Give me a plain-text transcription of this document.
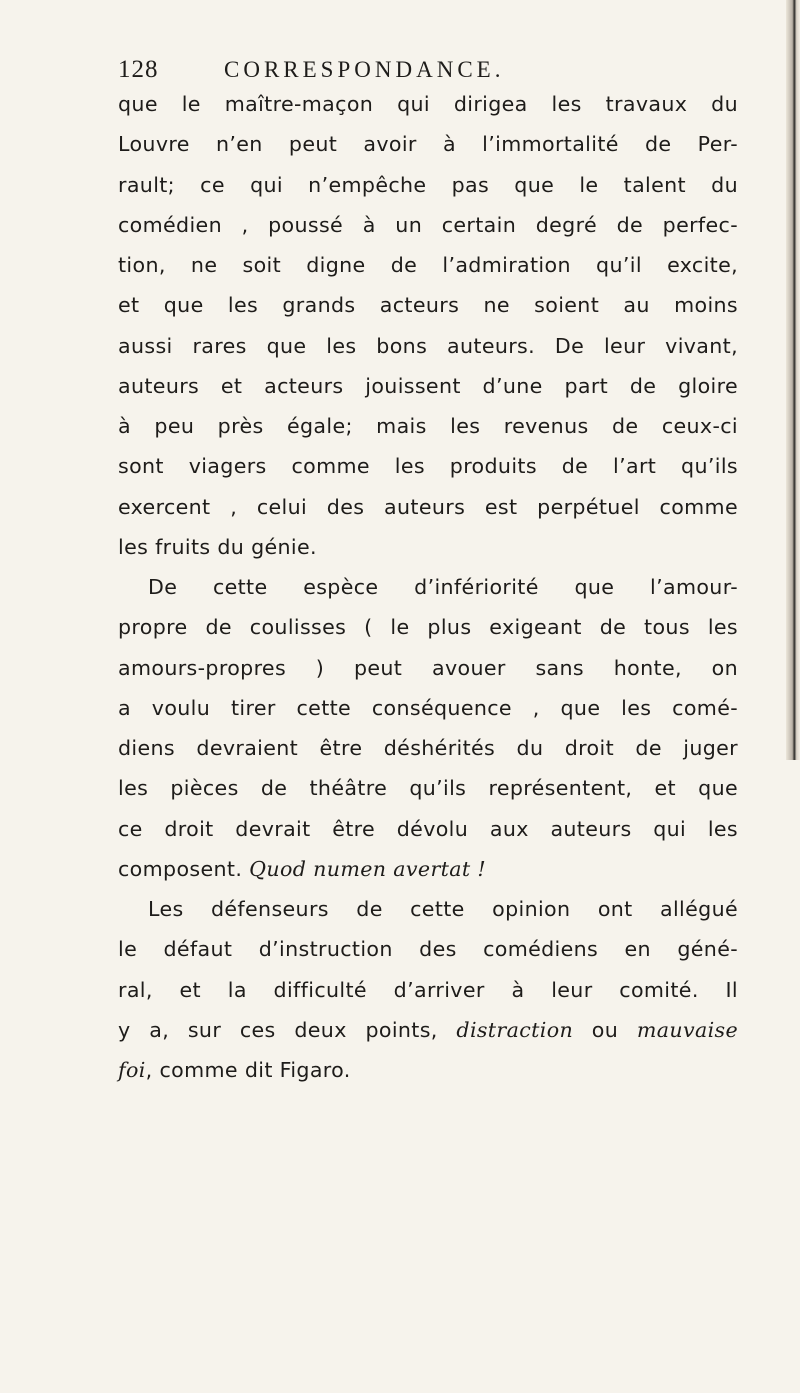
128	CORRESPONDANCE.
que le maître-maçon qui dirigea les travaux du
Louvre n’en peut avoir à l’immortalité de Per-
rault; ce qui n’empêche pas que le talent du
comédien , poussé à un certain degré de perfec-
tion, ne soit digne de l’admiration qu’il excite,
et que les grands acteurs ne soient au moins
aussi rares que les bons auteurs. De leur vivant,
auteurs et acteurs jouissent d’une part de gloire
à peu près égale; mais les revenus de ceux-ci
sont viagers comme les produits de l’art qu’ils
exercent , celui des auteurs est perpétuel comme
les fruits du génie.
De cette espèce d’infériorité que l’amour-
propre de coulisses ( le plus exigeant de tous les
amours-propres ) peut avouer sans honte, on
a voulu tirer cette conséquence , que les comé-
diens devraient être déshérités du droit de juger
les pièces de théâtre qu’ils représentent, et que
ce droit devrait être dévolu aux auteurs qui les
composent. Quod numen avertat !
Les défenseurs de cette opinion ont allégué
le défaut d’instruction des comédiens en géné-
ral, et la difficulté d’arriver à leur comité. Il
y a, sur ces deux points, distraction ou mauvaise
foi, comme dit Figaro.
